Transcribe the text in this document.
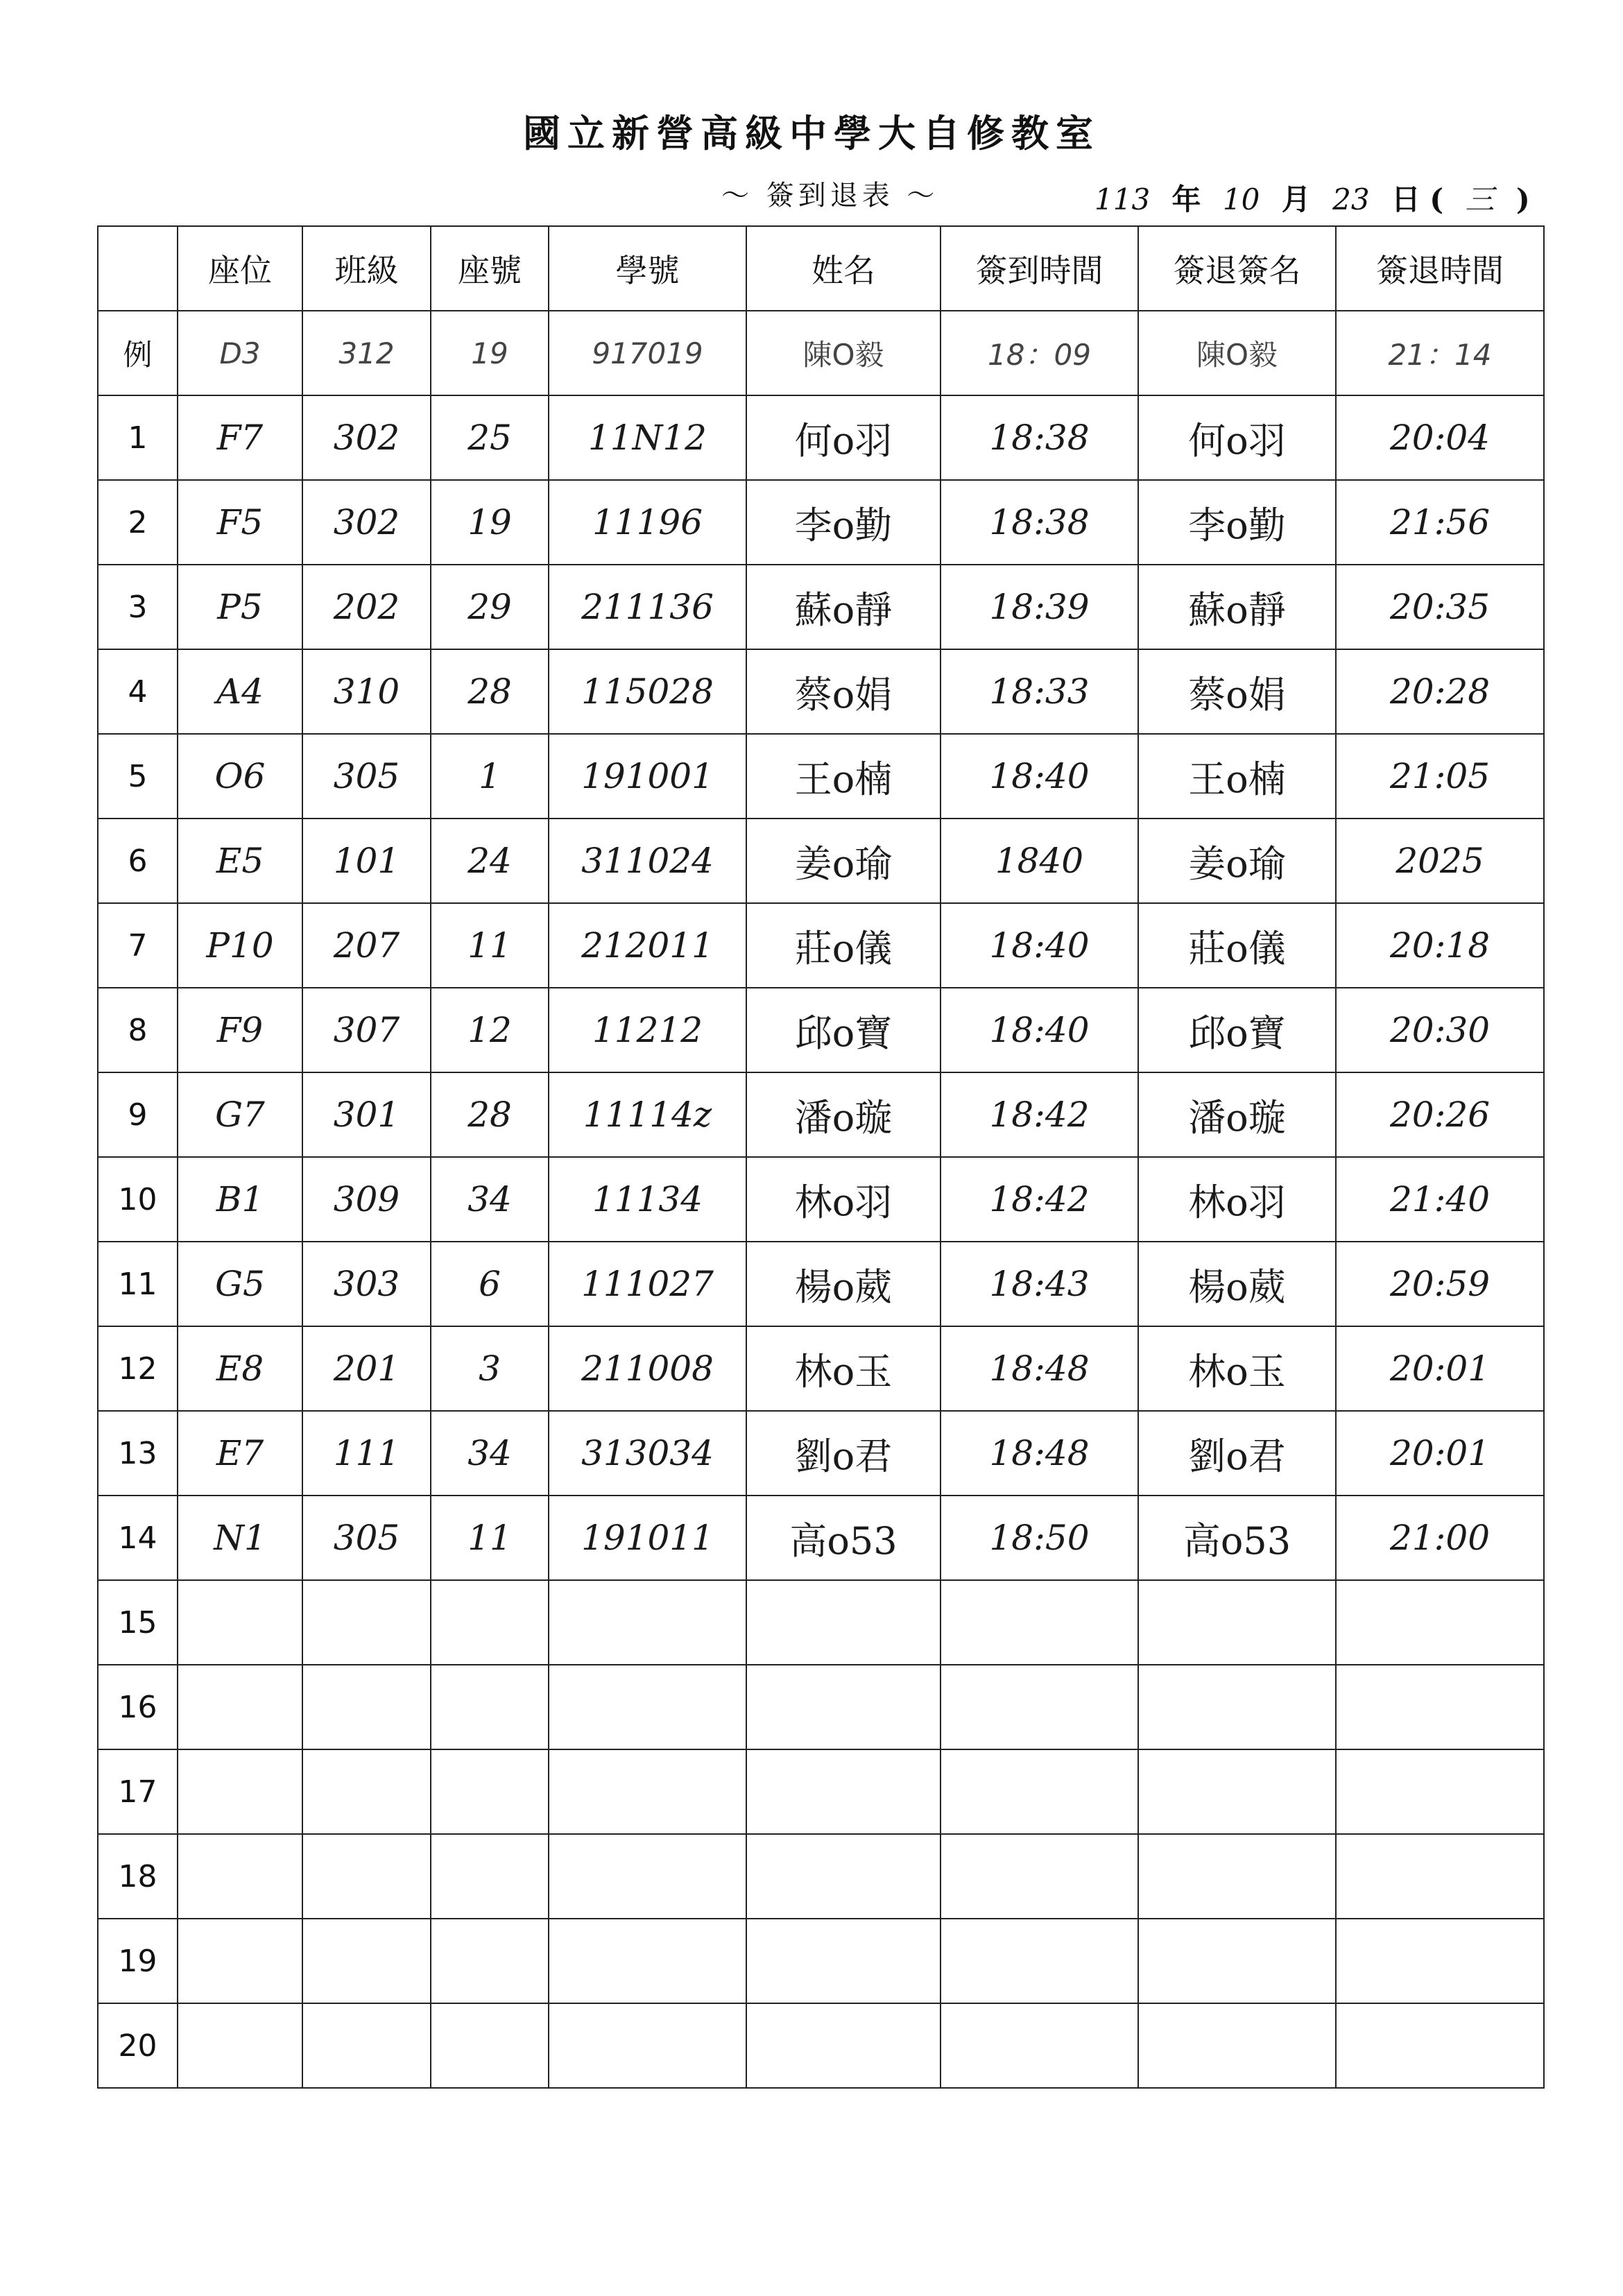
國立新營高級中學大自修教室
～ 簽到退表 ～	113 年 10 月 23 日 ( 三 )
	座位	班級	座號	學號	姓名	簽到時間	簽退簽名	簽退時間
例	D3	312	19	917019	陳O毅	18：09	陳O毅	21：14
1	F7	302	25	11N12	何o羽	18:38	何o羽	20:04
2	F5	302	19	11196	李o勤	18:38	李o勤	21:56
3	P5	202	29	211136	蘇o靜	18:39	蘇o靜	20:35
4	A4	310	28	115028	蔡o娟	18:33	蔡o娟	20:28
5	O6	305	1	191001	王o楠	18:40	王o楠	21:05
6	E5	101	24	311024	姜o瑜	1840	姜o瑜	2025
7	P10	207	11	212011	莊o儀	18:40	莊o儀	20:18
8	F9	307	12	11212	邱o寶	18:40	邱o寶	20:30
9	G7	301	28	11114z	潘o璇	18:42	潘o璇	20:26
10	B1	309	34	11134	林o羽	18:42	林o羽	21:40
11	G5	303	6	111027	楊o葳	18:43	楊o葳	20:59
12	E8	201	3	211008	林o玉	18:48	林o玉	20:01
13	E7	111	34	313034	劉o君	18:48	劉o君	20:01
14	N1	305	11	191011	高o53	18:50	高o53	21:00
15								
16								
17								
18								
19								
20								
